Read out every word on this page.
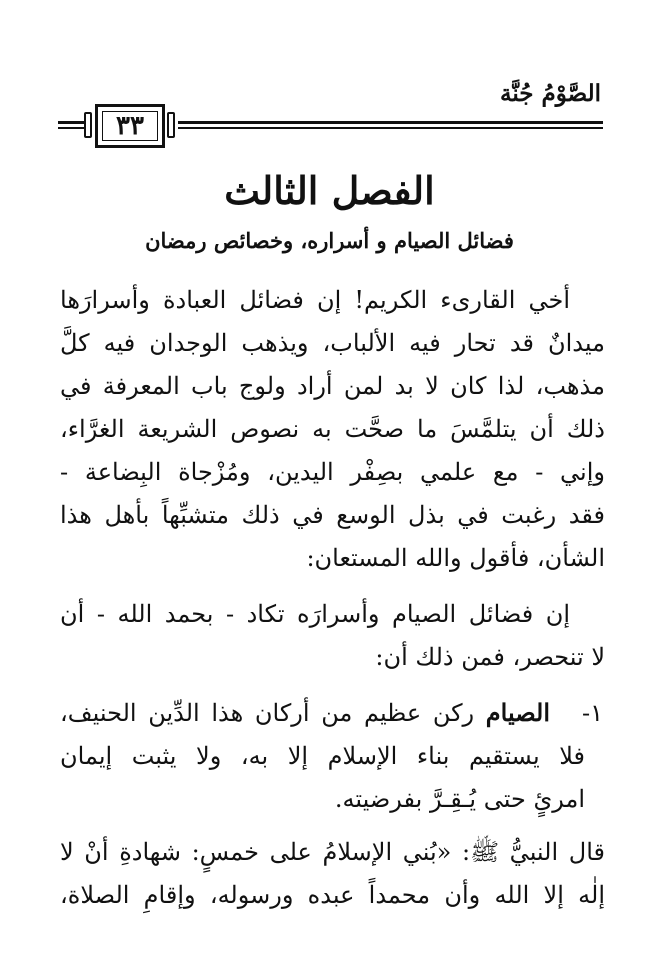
الصَّوْمُ جُنَّة
٣٣
الفصل الثالث
فضائل الصيام و أسراره، وخصائص رمضان
أخي القارىء الكريم! إن فضائل العبادة وأسرارَها
ميدانٌ قد تحار فيه الألباب، ويذهب الوجدان فيه كلَّ
مذهب، لذا كان لا بد لمن أراد ولوج باب المعرفة في
ذلك أن يتلمَّسَ ما صحَّت به نصوص الشريعة الغرَّاء،
وإني - مع علمي بصِفْر اليدين، ومُزْجاة البِضاعة -
فقد رغبت في بذل الوسع في ذلك متشبِّهاً بأهل هذا
الشأن، فأقول والله المستعان:
إن فضائل الصيام وأسرارَه تكاد - بحمد الله - أن
لا تنحصر، فمن ذلك أن:
١-
الصيام ركن عظيم من أركان هذا الدِّين الحنيف،
فلا يستقيم بناء الإسلام إلا به، ولا يثبت إيمان
امرئٍ حتى يُـقِـرَّ بفرضيته.
قال النبيُّ ﷺ: «بُني الإسلامُ على خمسٍ: شهادةِ أنْ لا
إلٰه إلا الله وأن محمداً عبده ورسوله، وإقامِ الصلاة،
